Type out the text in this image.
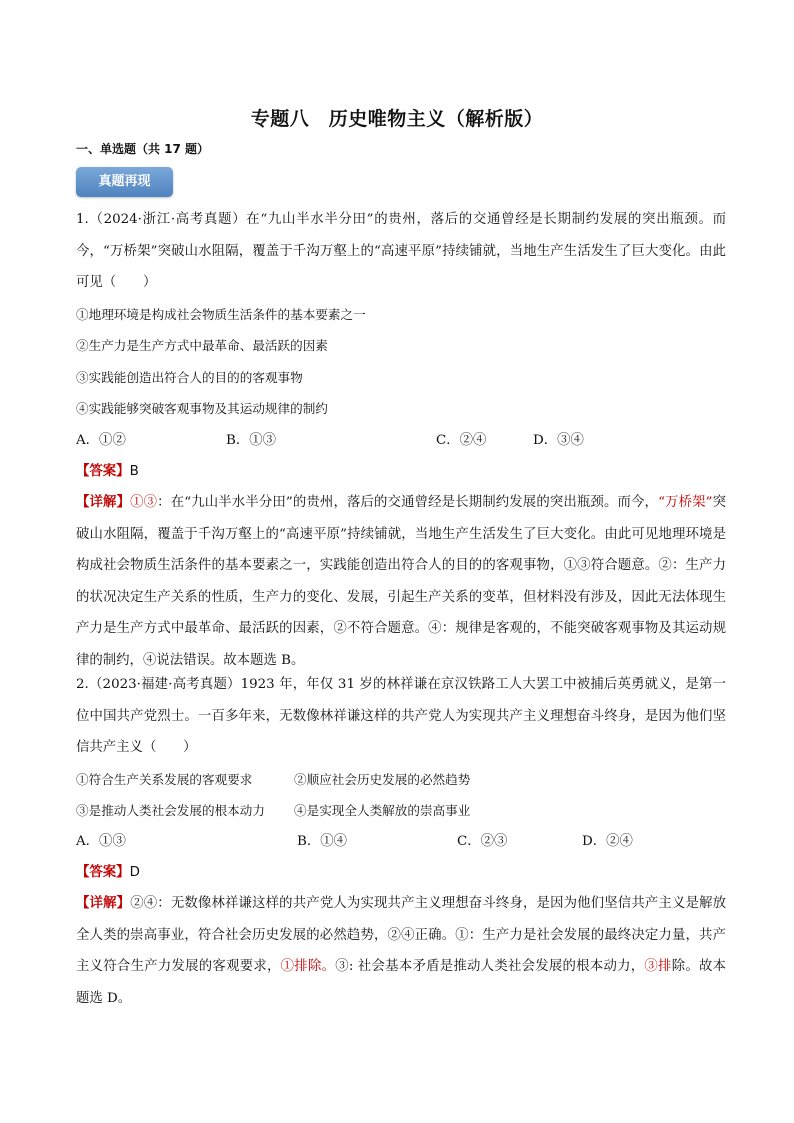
专题八　历史唯物主义（解析版）
一、单选题（共 17 题）
真题再现

1.（2024·浙江·高考真题）在“九山半水半分田”的贵州，落后的交通曾经是长期制约发展的突出瓶颈。而今，“万桥架”突破山水阻隔，覆盖于千沟万壑上的“高速平原”持续铺就，当地生产生活发生了巨大变化。由此可见（　　）

①地理环境是构成社会物质生活条件的基本要素之一

②生产力是生产方式中最革命、最活跃的因素

③实践能创造出符合人的目的的客观事物

④实践能够突破客观事物及其运动规律的制约

A．①②	B．①③	C．②④	D．③④

【答案】B

【详解】①③：在“九山半水半分田”的贵州，落后的交通曾经是长期制约发展的突出瓶颈。而今，“万桥架”突破山水阻隔，覆盖于千沟万壑上的“高速平原”持续铺就，当地生产生活发生了巨大变化。由此可见地理环境是构成社会物质生活条件的基本要素之一，实践能创造出符合人的目的的客观事物，①③符合题意。②：生产力的状况决定生产关系的性质，生产力的变化、发展，引起生产关系的变革，但材料没有涉及，因此无法体现生产力是生产方式中最革命、最活跃的因素，②不符合题意。④：规律是客观的，不能突破客观事物及其运动规律的制约，④说法错误。故本题选 B。

2.（2023·福建·高考真题）1923 年，年仅 31 岁的林祥谦在京汉铁路工人大罢工中被捕后英勇就义，是第一位中国共产党烈士。一百多年来，无数像林祥谦这样的共产党人为实现共产主义理想奋斗终身，是因为他们坚信共产主义（　　）

①符合生产关系发展的客观要求	②顺应社会历史发展的必然趋势
③是推动人类社会发展的根本动力 ④是实现全人类解放的崇高事业
A．①③	B．①④	C．②③	D．②④

【答案】D

【详解】②④：无数像林祥谦这样的共产党人为实现共产主义理想奋斗终身，是因为他们坚信共产主义是解放全人类的崇高事业，符合社会历史发展的必然趋势，②④正确。①：生产力是社会发展的最终决定力量，共产主义符合生产力发展的客观要求，①排除。③: 社会基本矛盾是推动人类社会发展的根本动力，③排除。故本题选 D。
